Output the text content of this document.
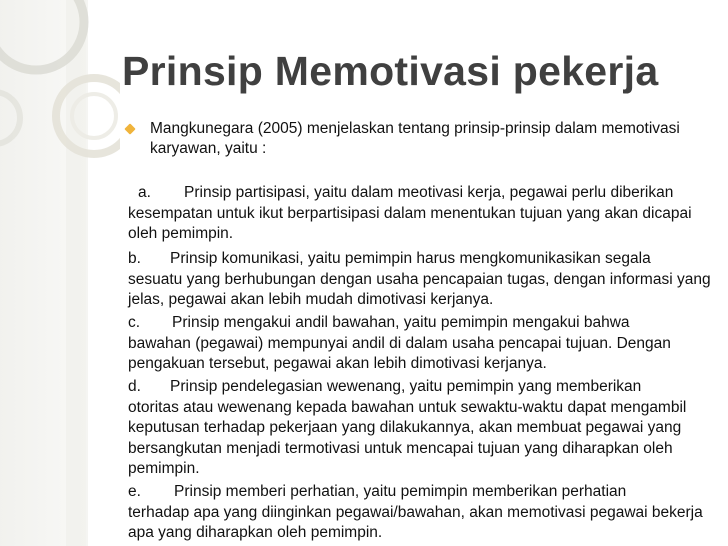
Prinsip Memotivasi pekerja
Mangkunegara (2005) menjelaskan tentang prinsip-prinsip dalam memotivasi karyawan, yaitu :
a. Prinsip partisipasi, yaitu dalam meotivasi kerja, pegawai perlu diberikan
kesempatan untuk ikut berpartisipasi dalam menentukan tujuan yang akan dicapai oleh pemimpin.
b. Prinsip komunikasi, yaitu pemimpin harus mengkomunikasikan segala
sesuatu yang berhubungan dengan usaha pencapaian tugas, dengan informasi yang jelas, pegawai akan lebih mudah dimotivasi kerjanya.
c. Prinsip mengakui andil bawahan, yaitu pemimpin mengakui bahwa
bawahan (pegawai) mempunyai andil di dalam usaha pencapai tujuan. Dengan pengakuan tersebut, pegawai akan lebih dimotivasi kerjanya.
d. Prinsip pendelegasian wewenang, yaitu pemimpin yang memberikan
otoritas atau wewenang kepada bawahan untuk sewaktu-waktu dapat mengambil keputusan terhadap pekerjaan yang dilakukannya, akan membuat pegawai yang bersangkutan menjadi termotivasi untuk mencapai tujuan yang diharapkan oleh pemimpin.
e. Prinsip memberi perhatian, yaitu pemimpin memberikan perhatian
terhadap apa yang diinginkan pegawai/bawahan, akan memotivasi pegawai bekerja apa yang diharapkan oleh pemimpin.
